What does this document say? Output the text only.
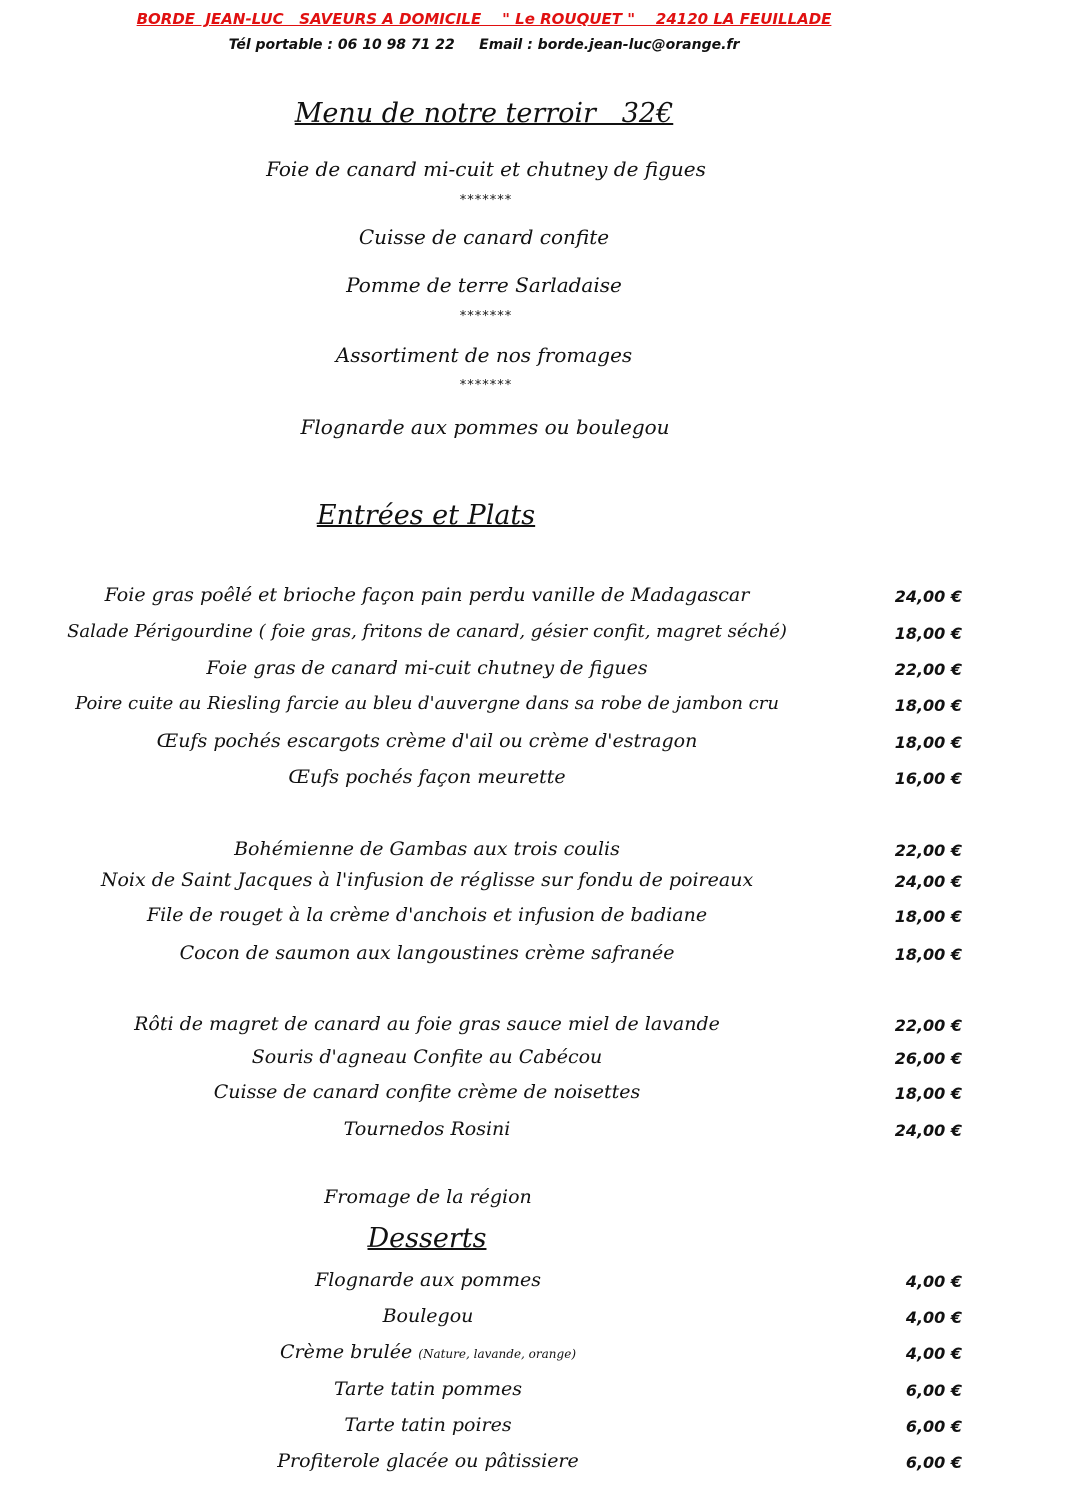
BORDE  JEAN-LUC   SAVEURS A DOMICILE    " Le ROUQUET "    24120 LA FEUILLADE
Tél portable : 06 10 98 71 22     Email : borde.jean-luc@orange.fr
Menu de notre terroir   32€
Foie de canard mi-cuit et chutney de figues
*******
Cuisse de canard confite
Pomme de terre Sarladaise
*******
Assortiment de nos fromages
*******
Flognarde aux pommes ou boulegou
Entrées et Plats
Foie gras poêlé et brioche façon pain perdu vanille de Madagascar	24,00 €
Salade Périgourdine ( foie gras, fritons de canard, gésier confit, magret séché)	18,00 €
Foie gras de canard mi-cuit chutney de figues	22,00 €
Poire cuite au Riesling farcie au bleu d'auvergne dans sa robe de jambon cru	18,00 €
Œufs pochés escargots crème d'ail ou crème d'estragon	18,00 €
Œufs pochés façon meurette	16,00 €
Bohémienne de Gambas aux trois coulis	22,00 €
Noix de Saint Jacques à l'infusion de réglisse sur fondu de poireaux	24,00 €
File de rouget à la crème d'anchois et infusion de badiane	18,00 €
Cocon de saumon aux langoustines crème safranée	18,00 €
Rôti de magret de canard au foie gras sauce miel de lavande	22,00 €
Souris d'agneau Confite au Cabécou	26,00 €
Cuisse de canard confite crème de noisettes	18,00 €
Tournedos Rosini	24,00 €
Fromage de la région
Desserts
Flognarde aux pommes	4,00 €
Boulegou	4,00 €
Crème brulée (Nature, lavande, orange)	4,00 €
Tarte tatin pommes	6,00 €
Tarte tatin poires	6,00 €
Profiterole glacée ou pâtissiere	6,00 €
